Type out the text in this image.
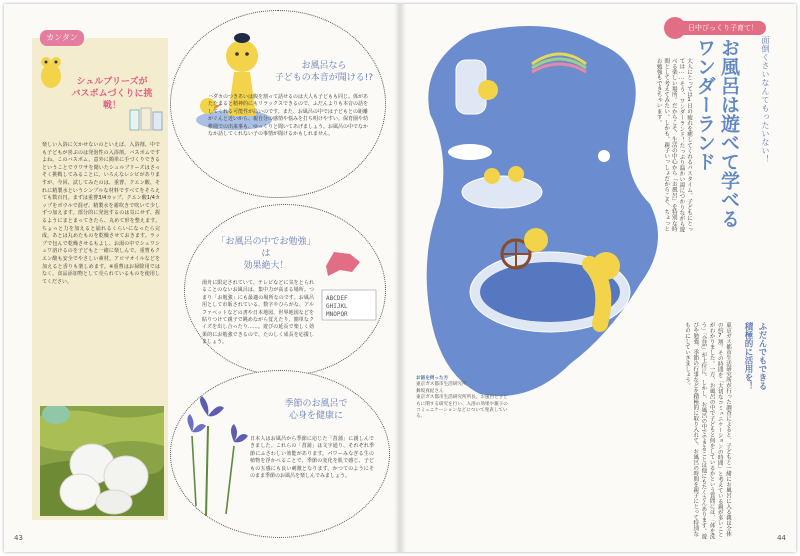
カンタン
シュルブリーズが
バスボムづくりに挑戦！
楽しい入浴に欠かせないのといえば、入浴剤。中でも子どもが喜ぶのは発泡性の入浴剤。バスボムですよね。このバスボム、意外に簡単に手づくりできるということでウワサを聞いたシュルブリーズはさっそく挑戦してみることに。いろんなレシピがありますが、今回、試してみたのは、重曹、クエン酸、それに精製水というシンプルな材料ですべてをそろえても数百円。まずは重曹3/4カップ、クエン酸1/4カップをボウルで混ぜ、精製水を霧吹きで吹いて少しずつ加えます。部分的に発泡するのは気にせず、握るようにまとまってきたら、丸めて形を整えます。ちょっと力を加えると崩れるくらいになったら完成。あとは丸めたものを乾燥させておきます。ラップで包んで乾燥させるもよし、お湯の中でシュワシュワ溶けるのを子どもと一緒に楽しんで。重曹もクエン酸も安全でやさしい素材。アロマオイルなどを加えると香りも楽しめます。※重曹はお掃除用ではなく、食品添加物として売られているものを使用してください。
お風呂なら
子どもの本音が聞ける!?
ハダカのつきあいは腹を割って話せるのは大人も子どもも同じ。体があたたまると精神的にもリラックスできるので、ふだんよりも本音の話をしてくれる可能性が高いのです。また、お風呂の中では子どもとの距離がぐんと近いから、親自分の感情や悩みを打ち明けやすい。保育園や幼稚園での出来事も、ゆっくりと聞いてあげましょう。お風呂の中でなかなか話してくれない子の事情が聞けるかもしれません。
「お風呂の中でお勉強」は
効果絶大！
ABCDEF
GHIJKL
MNOPQR
湯舟に限定されていて、テレビなどに気をとられることのないお風呂は、集中力が高まる場所。つまり「お勉強」にも最適の場所なのです。お風呂用として市販されている、数字やひらがな、アルファベットなどの書や日本地図、世界地図などを貼りつけて親子で眺めながら覚えたり、簡単なクイズを出し合ったり……。遊びの延長で楽しく効果的にお勉強できるので、たのしく成長を応援しましょう。
季節のお風呂で
心身を健康に
日本人はお風呂から季節に応じた「菖蒲」に親しんできました。これらの「菖蒲」は文字通り、それぞれ季節にふさわしい効能があります。パワーみなぎる生の植物を浮かべることで、季節の変化を肌で感じ、子どもの五感にも良い刺激となります。かつてのようにそのまま季節のお風呂を楽しんでみましょう。
43
日中びっくり子育て！
面倒くさいなんてもったいない！
お風呂は遊べて学べる
ワンダーランド
大人にとっては1日の疲れを癒してくれるバスタイム。子どもにとっては……そう、ワンダーランド！たっぷり温かい湯につかりながら遊べる楽しい場所。だからこそ、生活の中心から「お風呂」を特別な時間として考えてみたい。しかも、親子いっしょだからこそ、ちょっとお勉強もできちゃいます。
お話を伺った方
東京ガス都市生活研究所
舞坂真紀さん
東京ガス都市生活研究所所長。お風呂と子どもに関する研究を行い、入浴の効果や親子のコミュニケーションなどについて発表している。
ふだんでもできる
積極的に活用を！
東京ガス都市生活研究所が行った調査によると、子どもと一緒にお風呂に入る親は全体の約7割。その時間を「大切なコミュニケーションの時間」と考えている親が多いことがわかりました。一方、お風呂の中で子どもと何をしているかという質問には、「体を洗う」「会話」が上位に。しかし、お風呂の中でできることは他にもたくさんあります。遊びや勉強、季節の行事などを積極的に取り入れて、お風呂の時間を親子にとって特別なものにしていきましょう。
44
